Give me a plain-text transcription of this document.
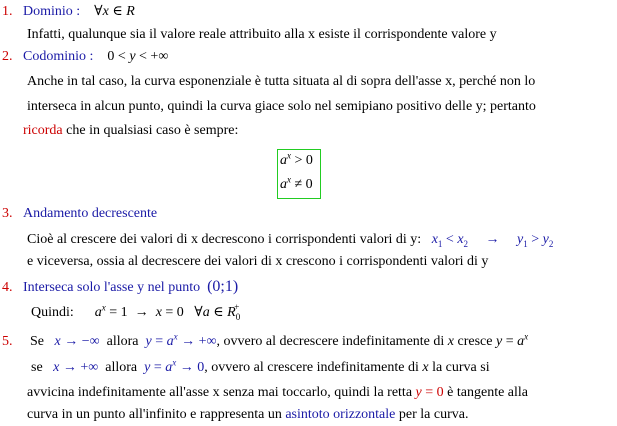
1. Dominio : ∀x ∈ R
Infatti, qualunque sia il valore reale attribuito alla x esiste il corrispondente valore y
2. Codominio : 0 < y < +∞
Anche in tal caso, la curva esponenziale è tutta situata al di sopra dell'asse x, perché non lo
interseca in alcun punto, quindi la curva giace solo nel semipiano positivo delle y; pertanto
ricorda che in qualsiasi caso è sempre:
$a^x > 0$
$a^x \ne 0$
3. Andamento decrescente
Cioè al crescere dei valori di x decrescono i corrispondenti valori di y: $x_1 < x_2$     →     $y_1 > y_2$
e viceversa, ossia al decrescere dei valori di x crescono i corrispondenti valori di y
4. Interseca solo l'asse y nel punto (0;1)
Quindi: $a^x = 1 \to x = 0$   ∀a ∈ $R_0^+$
5.     Se   x → −∞  allora  $y = a^x$ → +∞, ovvero al decrescere indefinitamente di x cresce $y = a^x$
se   x → +∞  allora  $y = a^x \to 0$, ovvero al crescere indefinitamente di x la curva si
avvicina indefinitamente all'asse x senza mai toccarlo, quindi la retta y = 0 è tangente alla
curva in un punto all'infinito e rappresenta un asintoto orizzontale per la curva.
